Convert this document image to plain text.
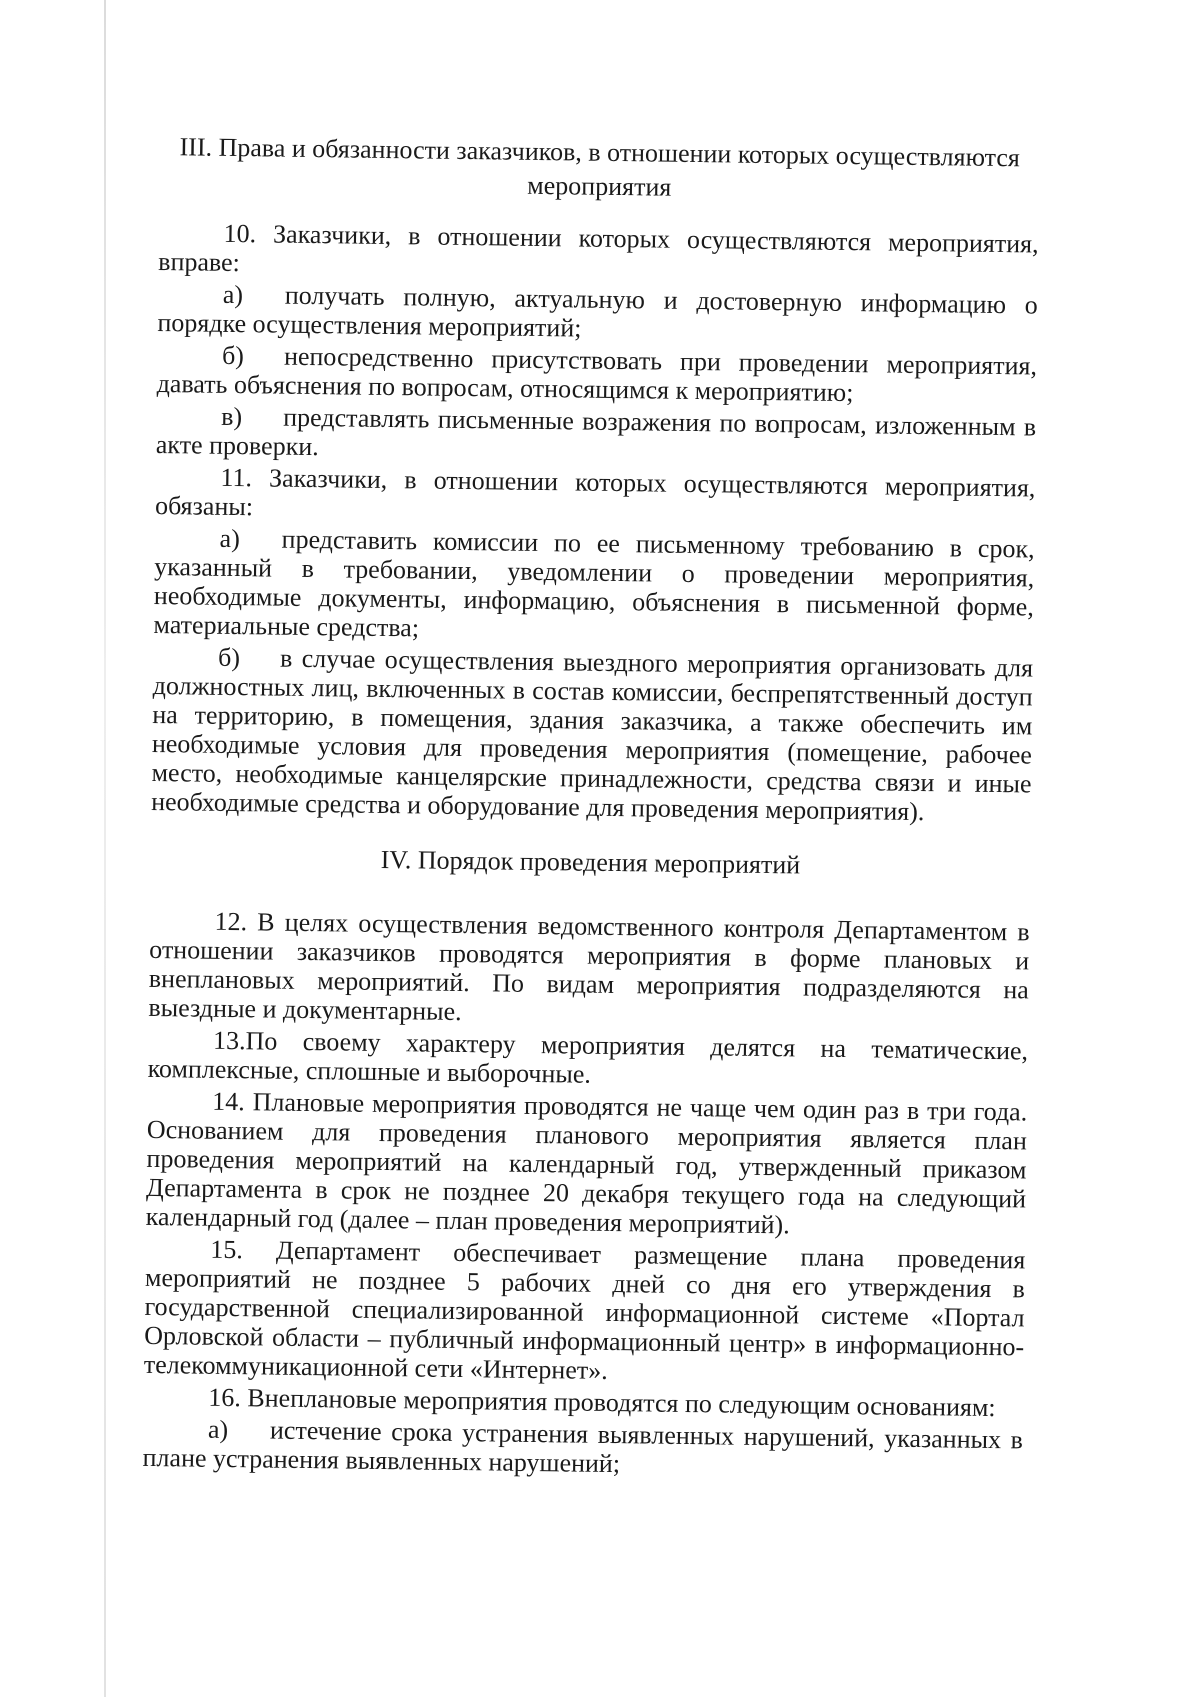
III. Права и обязанности заказчиков, в отношении которых осуществляются мероприятия

10. Заказчики, в отношении которых осуществляются мероприятия, вправе:

а) получать полную, актуальную и достоверную информацию о порядке осуществления мероприятий;

б) непосредственно присутствовать при проведении мероприятия, давать объяснения по вопросам, относящимся к мероприятию;

в) представлять письменные возражения по вопросам, изложенным в акте проверки.

11. Заказчики, в отношении которых осуществляются мероприятия, обязаны:

а) представить комиссии по ее письменному требованию в срок, указанный в требовании, уведомлении о проведении мероприятия, необходимые документы, информацию, объяснения в письменной форме, материальные средства;

б) в случае осуществления выездного мероприятия организовать для должностных лиц, включенных в состав комиссии, беспрепятственный доступ на территорию, в помещения, здания заказчика, а также обеспечить им необходимые условия для проведения мероприятия (помещение, рабочее место, необходимые канцелярские принадлежности, средства связи и иные необходимые средства и оборудование для проведения мероприятия).

IV. Порядок проведения мероприятий

12. В целях осуществления ведомственного контроля Департаментом в отношении заказчиков проводятся мероприятия в форме плановых и внеплановых мероприятий. По видам мероприятия подразделяются на выездные и документарные.

13.По своему характеру мероприятия делятся на тематические, комплексные, сплошные и выборочные.

14. Плановые мероприятия проводятся не чаще чем один раз в три года. Основанием для проведения планового мероприятия является план проведения мероприятий на календарный год, утвержденный приказом Департамента в срок не позднее 20 декабря текущего года на следующий календарный год (далее – план проведения мероприятий).

15. Департамент обеспечивает размещение плана проведения мероприятий не позднее 5 рабочих дней со дня его утверждения в государственной специализированной информационной системе «Портал Орловской области – публичный информационный центр» в информационно-телекоммуникационной сети «Интернет».

16. Внеплановые мероприятия проводятся по следующим основаниям:

а) истечение срока устранения выявленных нарушений, указанных в плане устранения выявленных нарушений;
